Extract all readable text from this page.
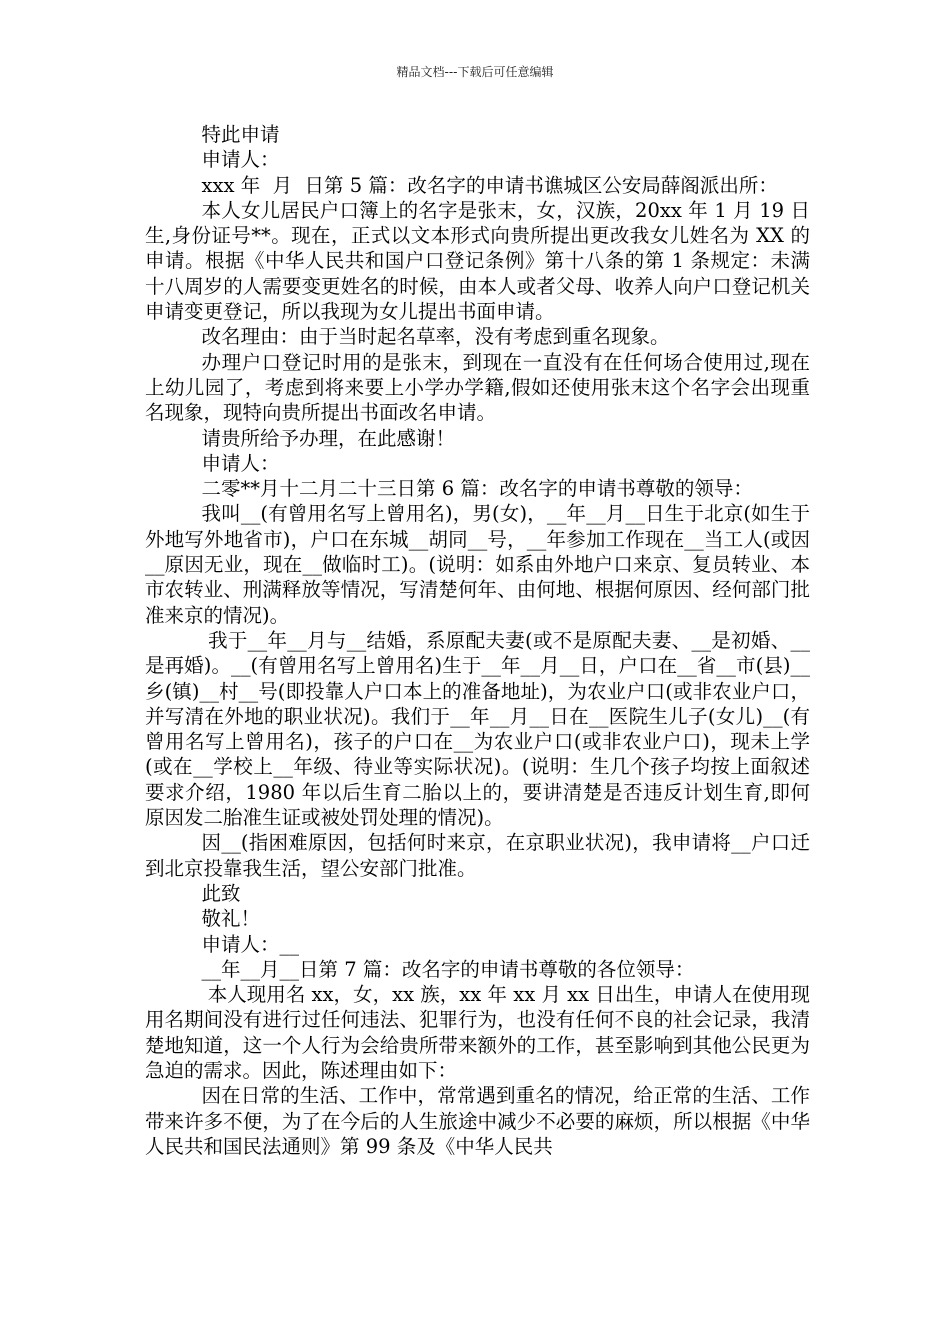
精品文档---下载后可任意编辑

特此申请

申请人：

xxx 年  月  日第 5 篇：改名字的申请书谯城区公安局薛阁派出所：

本人女儿居民户口簿上的名字是张末，女，汉族，20xx 年 1 月 19 日生,身份证号**。现在，正式以文本形式向贵所提出更改我女儿姓名为 XX 的申请。根据《中华人民共和国户口登记条例》第十八条的第 1 条规定：未满十八周岁的人需要变更姓名的时候，由本人或者父母、收养人向户口登记机关申请变更登记，所以我现为女儿提出书面申请。

改名理由：由于当时起名草率，没有考虑到重名现象。

办理户口登记时用的是张末，到现在一直没有在任何场合使用过,现在上幼儿园了，考虑到将来要上小学办学籍,假如还使用张末这个名字会出现重名现象，现特向贵所提出书面改名申请。

请贵所给予办理，在此感谢！

申请人：

二零**月十二月二十三日第 6 篇：改名字的申请书尊敬的领导：

我叫__(有曾用名写上曾用名)，男(女)，__年__月__日生于北京(如生于外地写外地省市)，户口在东城__胡同__号，__年参加工作现在__当工人(或因__原因无业，现在__做临时工)。(说明：如系由外地户口来京、复员转业、本市农转业、刑满释放等情况，写清楚何年、由何地、根据何原因、经何部门批准来京的情况)。

我于__年__月与__结婚，系原配夫妻(或不是原配夫妻、__是初婚、__是再婚)。__(有曾用名写上曾用名)生于__年__月__日，户口在__省__市(县)__乡(镇)__村__号(即投靠人户口本上的准备地址)，为农业户口(或非农业户口，并写清在外地的职业状况)。我们于__年__月__日在__医院生儿子(女儿)__(有曾用名写上曾用名)，孩子的户口在__为农业户口(或非农业户口)，现未上学(或在__学校上__年级、待业等实际状况)。(说明：生几个孩子均按上面叙述要求介绍，1980 年以后生育二胎以上的，要讲清楚是否违反计划生育,即何原因发二胎准生证或被处罚处理的情况)。

因__(指困难原因，包括何时来京，在京职业状况)，我申请将__户口迁到北京投靠我生活，望公安部门批准。

此致

敬礼！

申请人：__

__年__月__日第 7 篇：改名字的申请书尊敬的各位领导：

本人现用名 xx，女，xx 族，xx 年 xx 月 xx 日出生，申请人在使用现用名期间没有进行过任何违法、犯罪行为，也没有任何不良的社会记录，我清楚地知道，这一个人行为会给贵所带来额外的工作，甚至影响到其他公民更为急迫的需求。因此，陈述理由如下：

因在日常的生活、工作中，常常遇到重名的情况，给正常的生活、工作带来许多不便，为了在今后的人生旅途中减少不必要的麻烦，所以根据《中华人民共和国民法通则》第 99 条及《中华人民共
